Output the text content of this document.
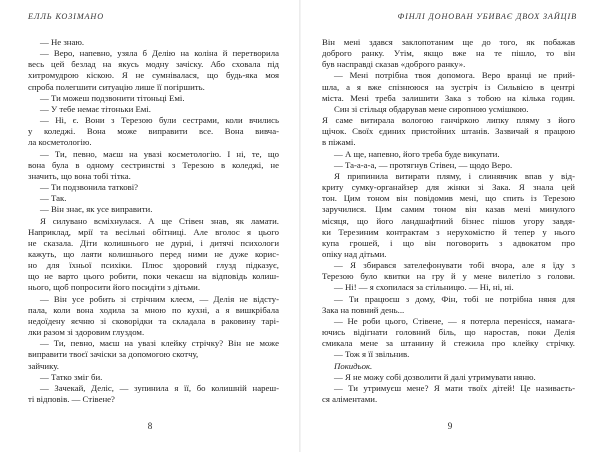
ЕЛЛЬ КОЗІМАНО
— Не знаю.
— Веро, напевно, узяла б Делію на коліна й перетворила
весь цей безлад на якусь модну зачіску. Або сховала під
хитромудрою кіскою. Я не сумнівалася, що будь-яка моя
спроба полегшити ситуацію лише її погіршить.
— Ти можеш подзвонити тітоньці Емі.
— У тебе немає тітоньки Емі.
— Ні, є. Вони з Терезою були сестрами, коли вчились
у коледжі. Вона може виправити все. Вона вивча-
ла косметологію.
— Ти, певно, маєш на увазі косметологію. І ні, те, що
вона була в одному сестринстві з Терезою в коледжі, не
значить, що вона тобі тітка.
— Ти подзвонила таткові?
— Так.
— Він знає, як усе виправити.
Я силувано всміхнулася. А ще Стівен знав, як ламати.
Наприклад, мрії та весільні обітниці. Але вголос я цього
не сказала. Діти колишнього не дурні, і дитячі психологи
кажуть, що лаяти колишнього перед ними не дуже корис-
но для їхньої психіки. Плюс здоровий глузд підказує,
що не варто цього робити, поки чекаєш на відповідь колиш-
нього, щоб попросити його посидіти з дітьми.
— Він усе робить зі стрічним клеєм, — Делія не відсту-
пала, коли вона ходила за мною по кухні, а я вишкрібала
недоїдену яєчню зі сковорідки та складала в раковину тарі-
лки разом зі здоровим глуздом.
— Ти, певно, маєш на увазі клейку стрічку? Він не може
виправити твоєї зачіски за допомогою скотчу,
зайчику.
— Татко зміг би.
— Зачекай, Деліс, — зупинила я її, бо колишній нареш-
ті відповів. — Стівене?
8
ФІНЛІ ДОНОВАН УБИВАЄ ДВОХ ЗАЙЦІВ
Він мені здався заклопотаним ще до того, як побажав
доброго ранку. Утім, якщо вже на те пішло, то він
був насправді сказав «доброго ранку».
— Мені потрібна твоя допомога. Веро вранці не прий-
шла, а я вже спізнююся на зустріч із Сильвією в центрі
міста. Мені треба залишити Зака з тобою на кілька годин.
Син зі стільця обдарував мене сиропною усмішкою.
Я саме витирала вологою ганчіркою липку пляму з його
щічок. Своїх єдиних пристойних штанів. Зазвичай я працюю
в піжамі.
— А ще, напевно, його треба буде викупати.
— Та-а-а-а, — протягнув Стівен, — щодо Веро.
Я припинила витирати пляму, і слинявчик впав у від-
криту сумку-органайзер для жінки зі Зака. Я знала цей
тон. Цим тоном він повідомив мені, що спить із Терезою
заручилися. Цим самим тоном він казав мені минулого
місяця, що його ландшафтний бізнес пішов угору завдя-
ки Терезиним контрактам з нерухомістю й тепер у нього
купа грошей, і що він поговорить з адвокатом про
опіку над дітьми.
— Я збирався зателефонувати тобі вчора, але я їду з
Терезою було квитки на гру й у мене вилетіло з голови.
— Ні! — я схопилася за стільницю. — Ні, ні, ні.
— Ти працюєш з дому, Фін, тобі не потрібна няня для
Зака на повний день...
— Не роби цього, Стівене, — я потерла перенісся, намага-
ючись відігнати головний біль, що наростав, поки Делія
смикала мене за штанину й стежила про клейку стрічку.
— Тож я її звільнив.
Покидьок.
— Я не можу собі дозволити й далі утримувати няню.
— Ти утримуєш мене? Я мати твоїх дітей! Це називаєть-
ся аліментами.
9
